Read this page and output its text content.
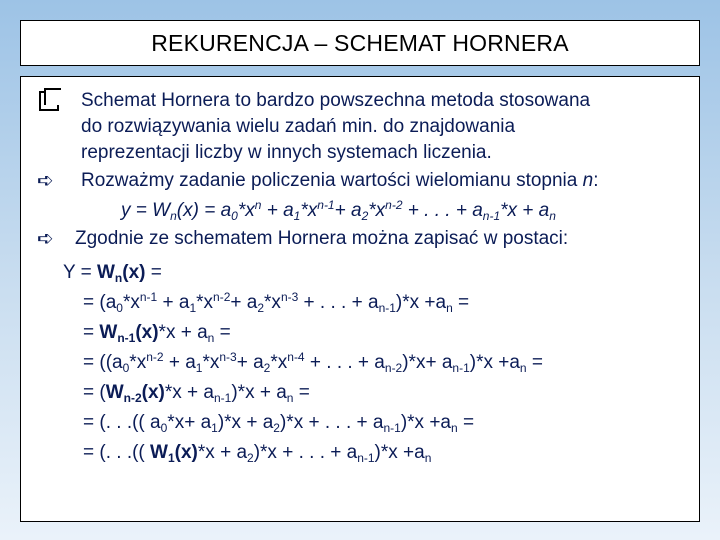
REKURENCJA – SCHEMAT HORNERA
Schemat Hornera to bardzo powszechna metoda stosowana
do rozwiązywania wielu zadań min. do znajdowania
reprezentacji liczby w innych systemach liczenia.
➪ Rozważmy zadanie policzenia wartości wielomianu stopnia n:
$y = W_n(x) = a_0*x^n + a_1*x^{n-1}+ a_2*x^{n-2}$ + . . . + $a_{n-1}*x + a_n$
➪ Zgodnie ze schematem Hornera można zapisać w postaci:
$Y = W_n(x)$ =
= ($a_0*x^{n-1} + a_1*x^{n-2}+ a_2*x^{n-3}$ + . . . + $a_{n-1})*x +a_n$ =
= $W_{n-1}(x)*x + a_n$ =
= (($a_0*x^{n-2} + a_1*x^{n-3}+ a_2*x^{n-4}$ + . . . + $a_{n-2})*x+ a_{n-1})*x +a_n$ =
= $(W_{n-2}(x)*x + a_{n-1})*x + a_n$ =
= (. . .(( $a_0*x+ a_1)*x + a_2)*x$ + . . . + $a_{n-1})*x +a_n$ =
= (. . .(( $W_1(x)*x + a_2)*x$ + . . . + $a_{n-1})*x +a_n$
